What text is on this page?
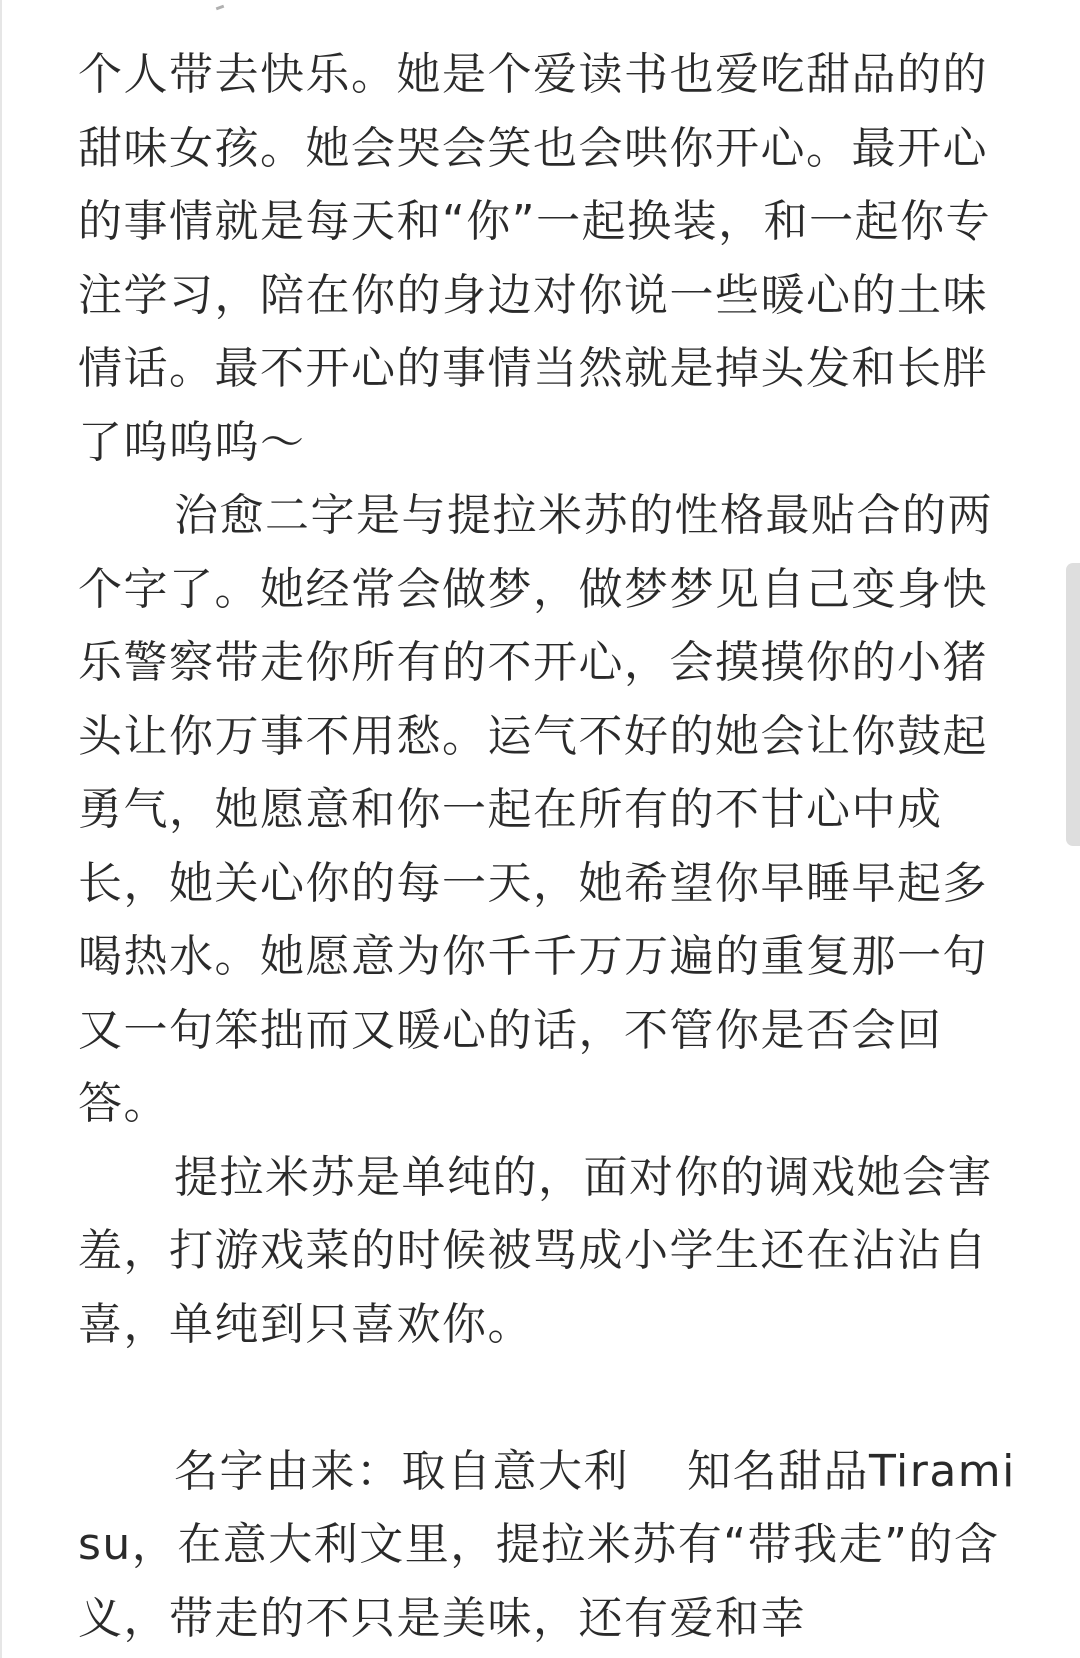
个人带去快乐。她是个爱读书也爱吃甜品的的甜味女孩。她会哭会笑也会哄你开心。最开心的事情就是每天和“你”一起换装，和一起你专注学习，陪在你的身边对你说一些暖心的土味情话。最不开心的事情当然就是掉头发和长胖了呜呜呜～

治愈二字是与提拉米苏的性格最贴合的两个字了。她经常会做梦，做梦梦见自己变身快乐警察带走你所有的不开心，会摸摸你的小猪头让你万事不用愁。运气不好的她会让你鼓起勇气，她愿意和你一起在所有的不甘心中成长，她关心你的每一天，她希望你早睡早起多喝热水。她愿意为你千千万万遍的重复那一句又一句笨拙而又暖心的话，不管你是否会回答。

提拉米苏是单纯的，面对你的调戏她会害羞，打游戏菜的时候被骂成小学生还在沾沾自喜，单纯到只喜欢你。

名字由来：取自意大利 知名甜品Tiramisu，在意大利文里，提拉米苏有“带我走”的含义，带走的不只是美味，还有爱和幸
